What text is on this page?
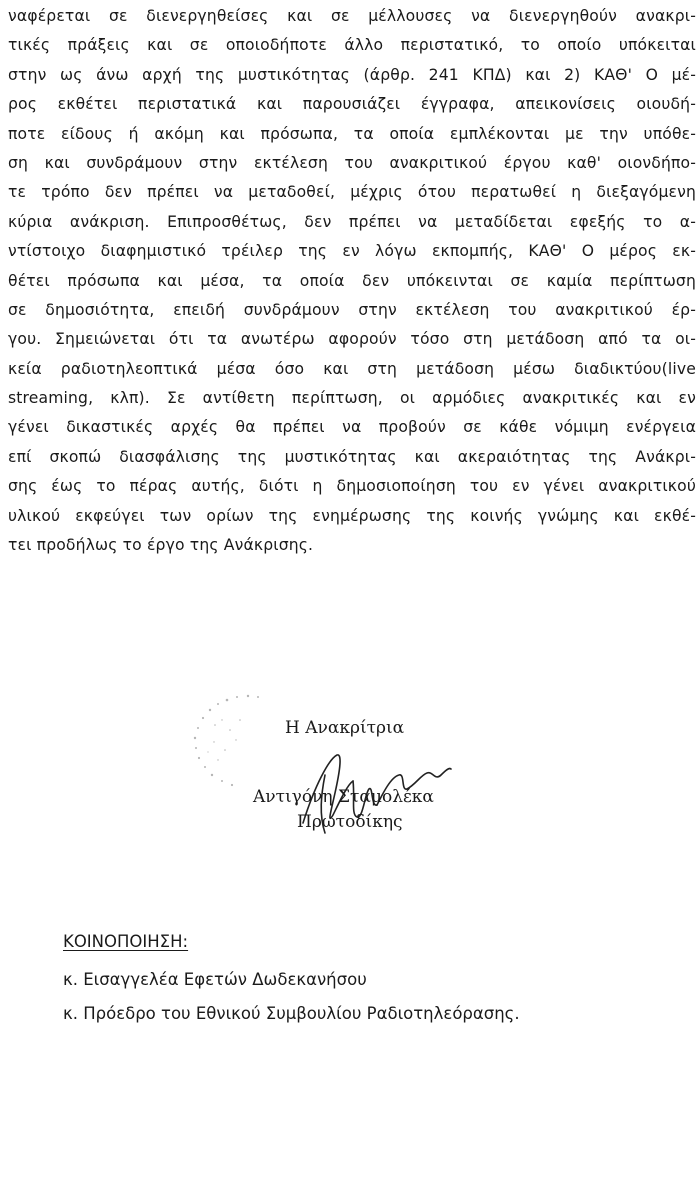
ναφέρεται σε διενεργηθείσες και σε μέλλουσες να διενεργηθούν ανακρι-
τικές πράξεις και σε οποιοδήποτε άλλο περιστατικό, το οποίο υπόκειται
στην ως άνω αρχή της μυστικότητας (άρθρ. 241 ΚΠΔ) και 2) ΚΑΘ' Ο μέ-
ρος εκθέτει περιστατικά και παρουσιάζει έγγραφα, απεικονίσεις οιουδή-
ποτε είδους ή ακόμη και πρόσωπα, τα οποία εμπλέκονται με την υπόθε-
ση και συνδράμουν στην εκτέλεση του ανακριτικού έργου καθ' οιονδήπο-
τε τρόπο δεν πρέπει να μεταδοθεί, μέχρις ότου περατωθεί η διεξαγόμενη
κύρια ανάκριση. Επιπροσθέτως, δεν πρέπει να μεταδίδεται εφεξής το α-
ντίστοιχο διαφημιστικό τρέιλερ της εν λόγω εκπομπής, ΚΑΘ' Ο μέρος εκ-
θέτει πρόσωπα και μέσα, τα οποία δεν υπόκεινται σε καμία περίπτωση
σε δημοσιότητα, επειδή συνδράμουν στην εκτέλεση του ανακριτικού έρ-
γου. Σημειώνεται ότι τα ανωτέρω αφορούν τόσο στη μετάδοση από τα οι-
κεία ραδιοτηλεοπτικά μέσα όσο και στη μετάδοση μέσω διαδικτύου(live
streaming, κλπ). Σε αντίθετη περίπτωση, οι αρμόδιες ανακριτικές και εν
γένει δικαστικές αρχές θα πρέπει να προβούν σε κάθε νόμιμη ενέργεια
επί σκοπώ διασφάλισης της μυστικότητας και ακεραιότητας της Ανάκρι-
σης έως το πέρας αυτής, διότι η δημοσιοποίηση του εν γένει ανακριτικού
υλικού εκφεύγει των ορίων της ενημέρωσης της κοινής γνώμης και εκθέ-
τει προδήλως το έργο της Ανάκρισης.
Η Ανακρίτρια
Αντιγόνη Σταμολέκα
Πρωτοδίκης
ΚΟΙΝΟΠΟΙΗΣΗ:
κ. Εισαγγελέα Εφετών Δωδεκανήσου
κ. Πρόεδρο του Εθνικού Συμβουλίου Ραδιοτηλεόρασης.
